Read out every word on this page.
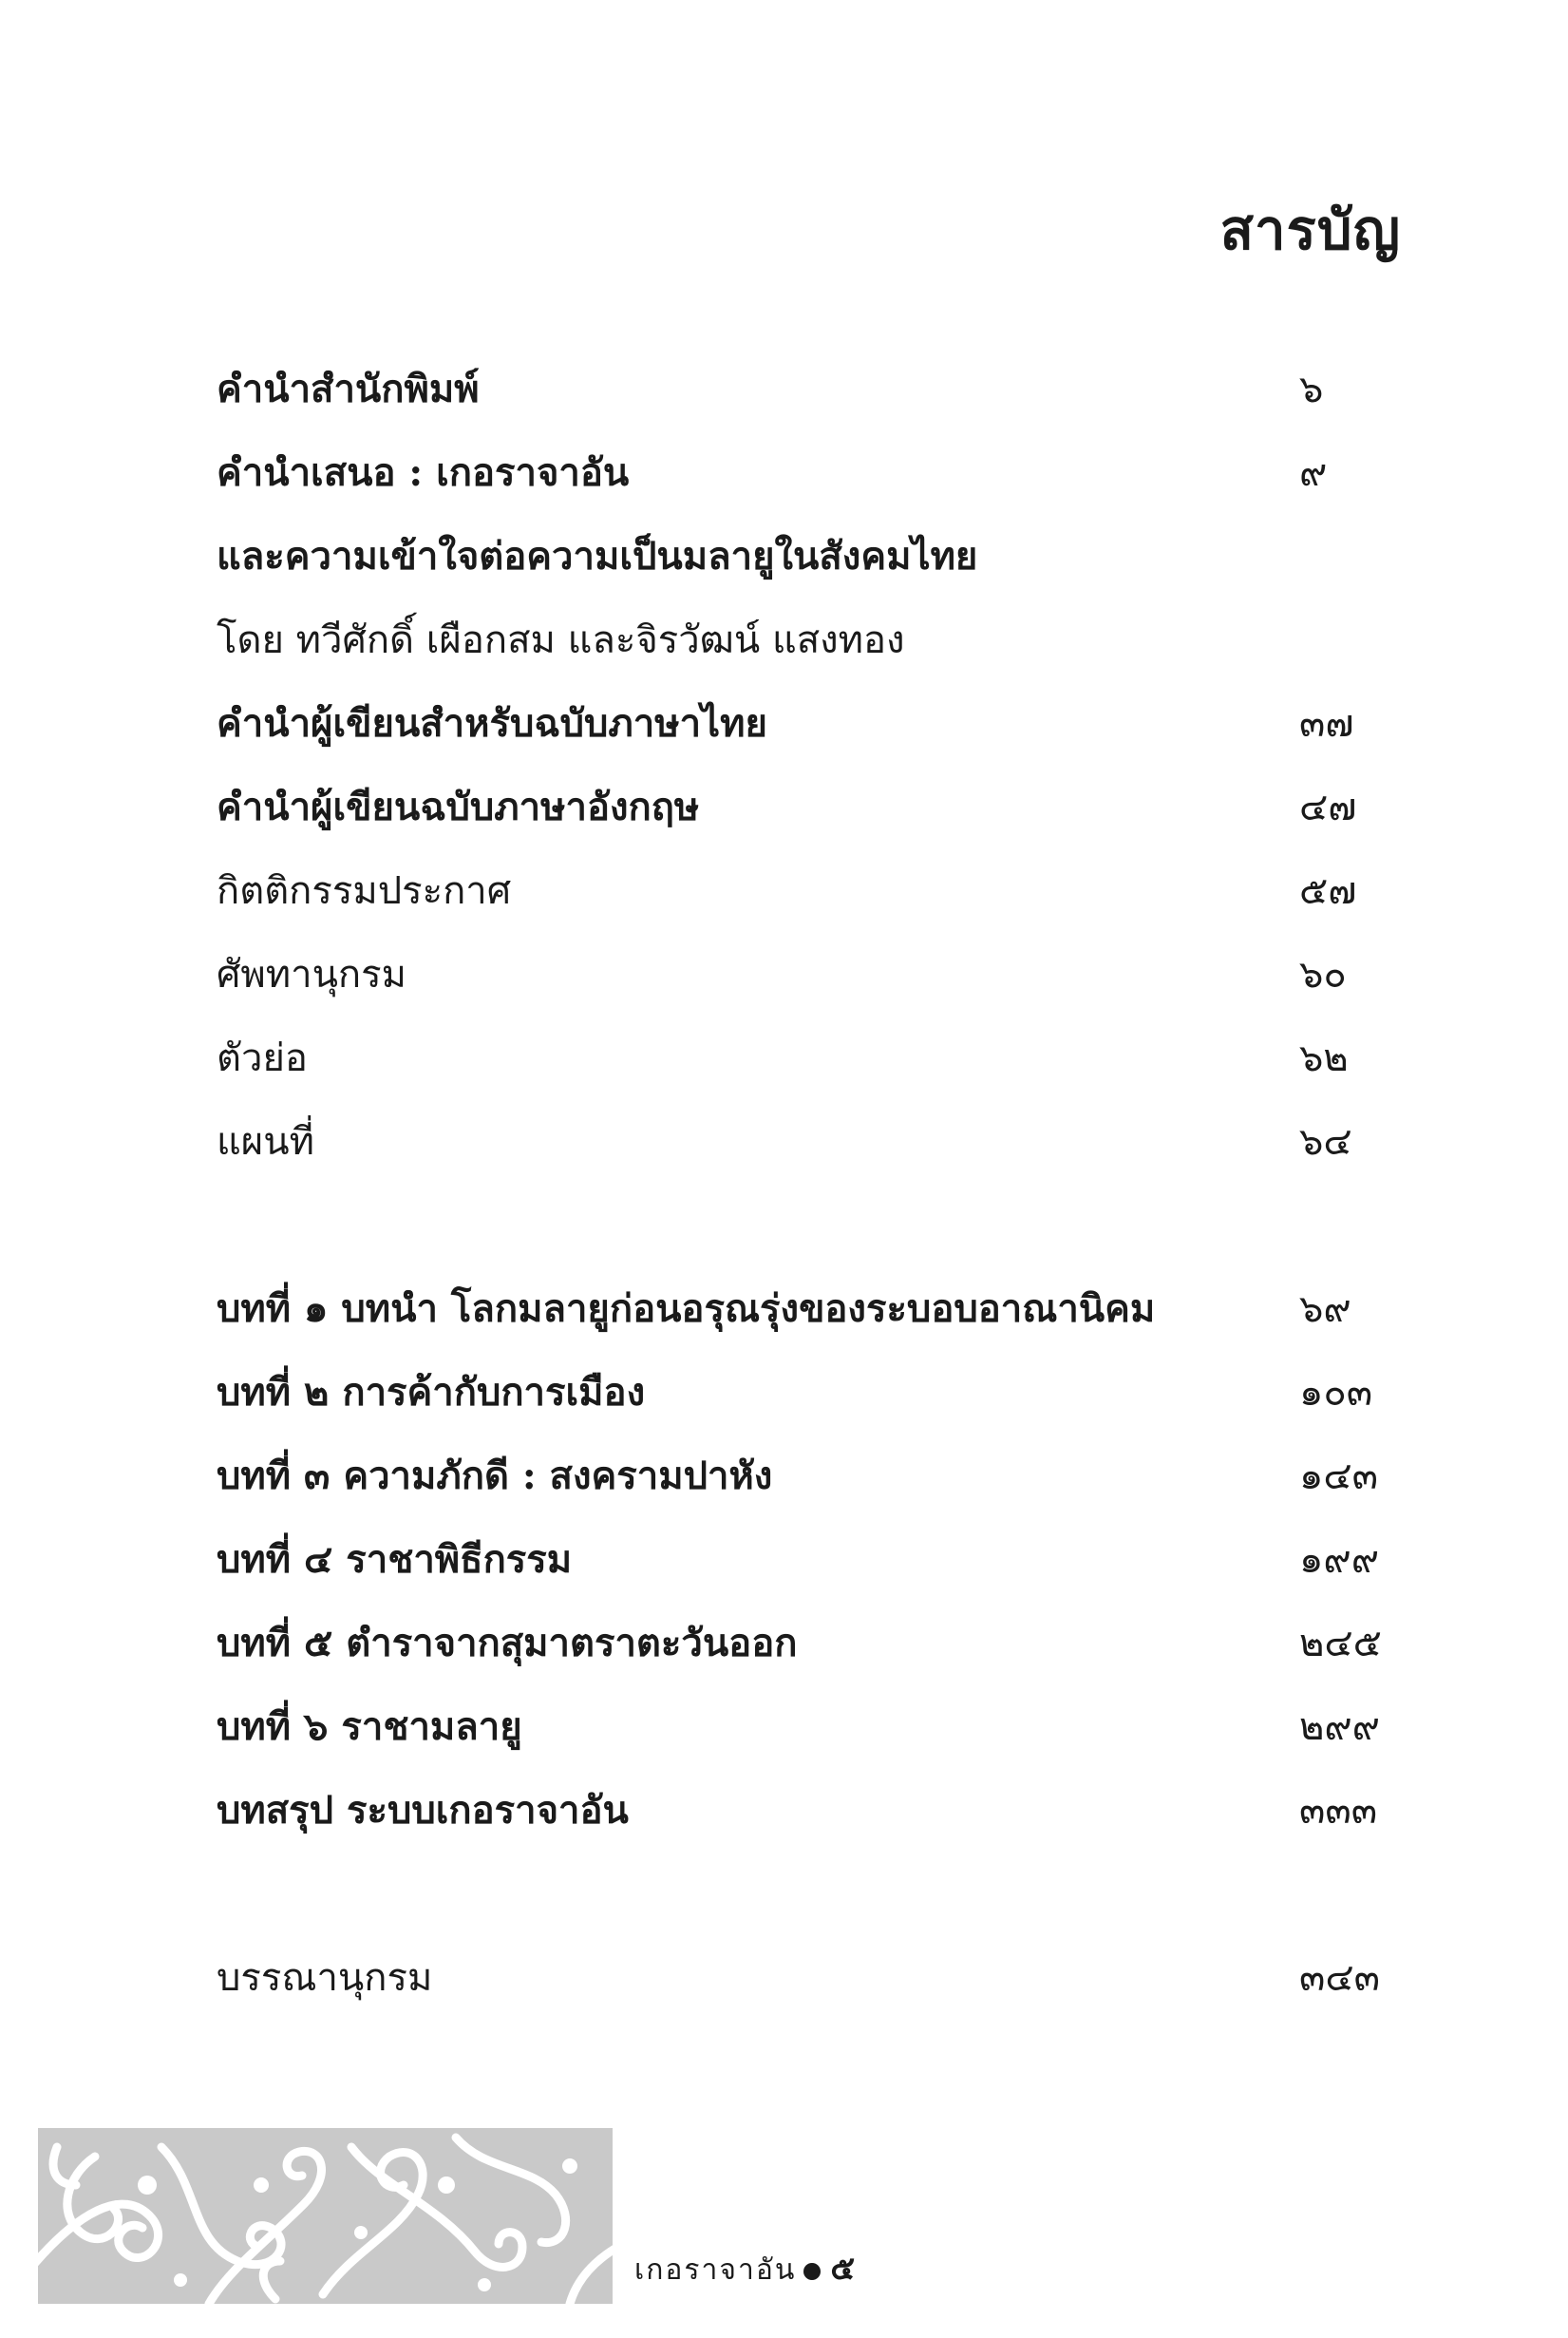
สารบัญ
คำนำสำนักพิมพ์	๖
คำนำเสนอ : เกอราจาอัน	๙
และความเข้าใจต่อความเป็นมลายูในสังคมไทย
โดย ทวีศักดิ์ เผือกสม และจิรวัฒน์ แสงทอง
คำนำผู้เขียนสำหรับฉบับภาษาไทย	๓๗
คำนำผู้เขียนฉบับภาษาอังกฤษ	๔๗
กิตติกรรมประกาศ	๕๗
ศัพทานุกรม	๖๐
ตัวย่อ	๖๒
แผนที่	๖๔
บทที่ ๑ บทนำ โลกมลายูก่อนอรุณรุ่งของระบอบอาณานิคม	๖๙
บทที่ ๒ การค้ากับการเมือง	๑๐๓
บทที่ ๓ ความภักดี : สงครามปาหัง	๑๔๓
บทที่ ๔ ราชาพิธีกรรม	๑๙๙
บทที่ ๕ ตำราจากสุมาตราตะวันออก	๒๔๕
บทที่ ๖ ราชามลายู	๒๙๙
บทสรุป ระบบเกอราจาอัน	๓๓๓
บรรณานุกรม	๓๔๓
เกอราจาอัน ๕
